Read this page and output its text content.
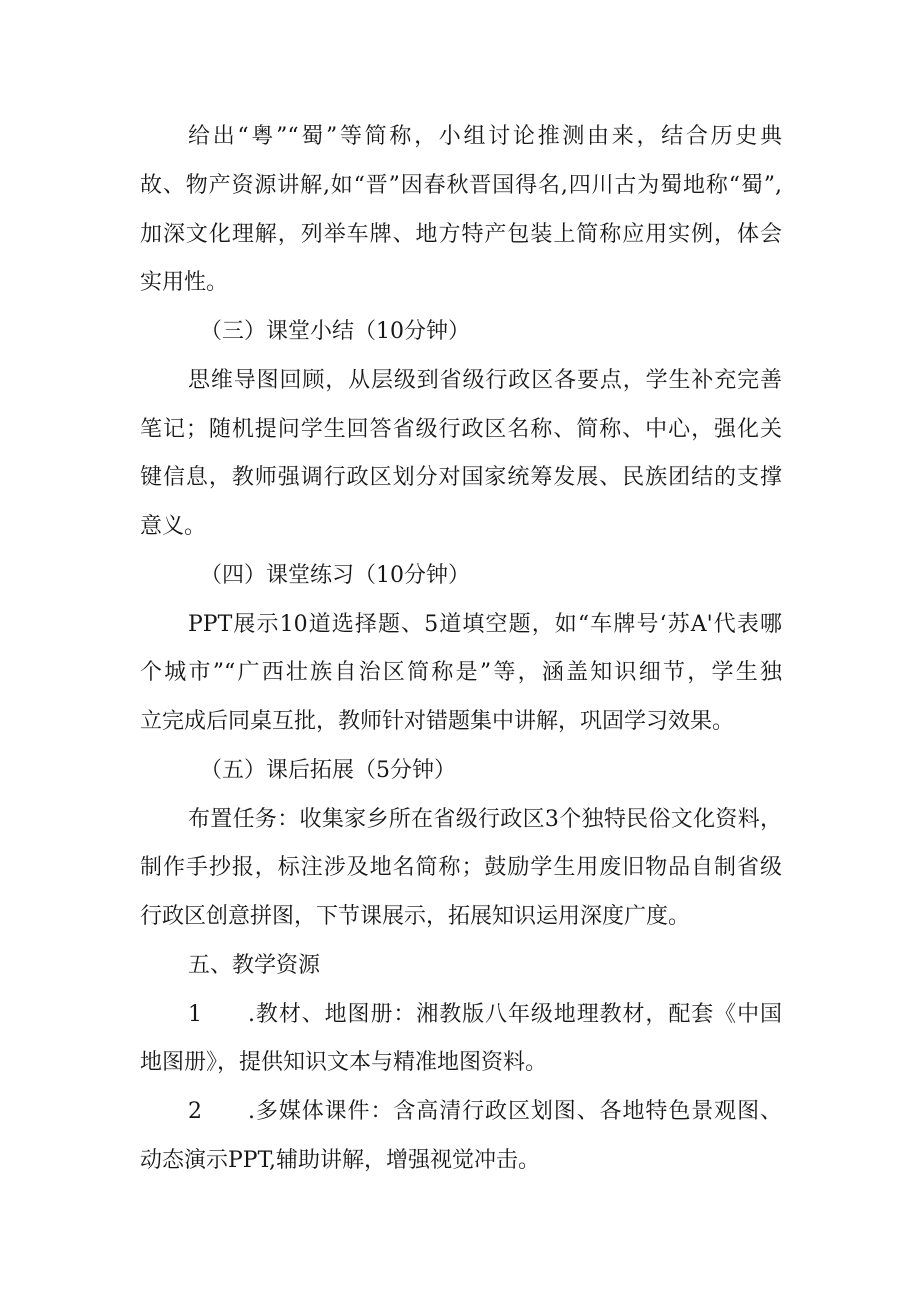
给出“粤”“蜀”等简称，小组讨论推测由来，结合历史典
故、物产资源讲解,如“晋”因春秋晋国得名,四川古为蜀地称“蜀”,
加深文化理解，列举车牌、地方特产包装上简称应用实例，体会
实用性。
（三）课堂小结（10分钟）
思维导图回顾，从层级到省级行政区各要点，学生补充完善
笔记；随机提问学生回答省级行政区名称、简称、中心，强化关
键信息，教师强调行政区划分对国家统筹发展、民族团结的支撑
意义。
（四）课堂练习（10分钟）
PPT展示10道选择题、5道填空题，如“车牌号‘苏A'代表哪
个城市”“广西壮族自治区简称是”等，涵盖知识细节，学生独
立完成后同桌互批，教师针对错题集中讲解，巩固学习效果。
（五）课后拓展（5分钟）
布置任务：收集家乡所在省级行政区3个独特民俗文化资料，
制作手抄报，标注涉及地名简称；鼓励学生用废旧物品自制省级
行政区创意拼图，下节课展示，拓展知识运用深度广度。
五、教学资源
1	.教材、地图册：湘教版八年级地理教材，配套《中国
地图册》，提供知识文本与精准地图资料。
2	.多媒体课件：含高清行政区划图、各地特色景观图、
动态演示PPT,辅助讲解，增强视觉冲击。
